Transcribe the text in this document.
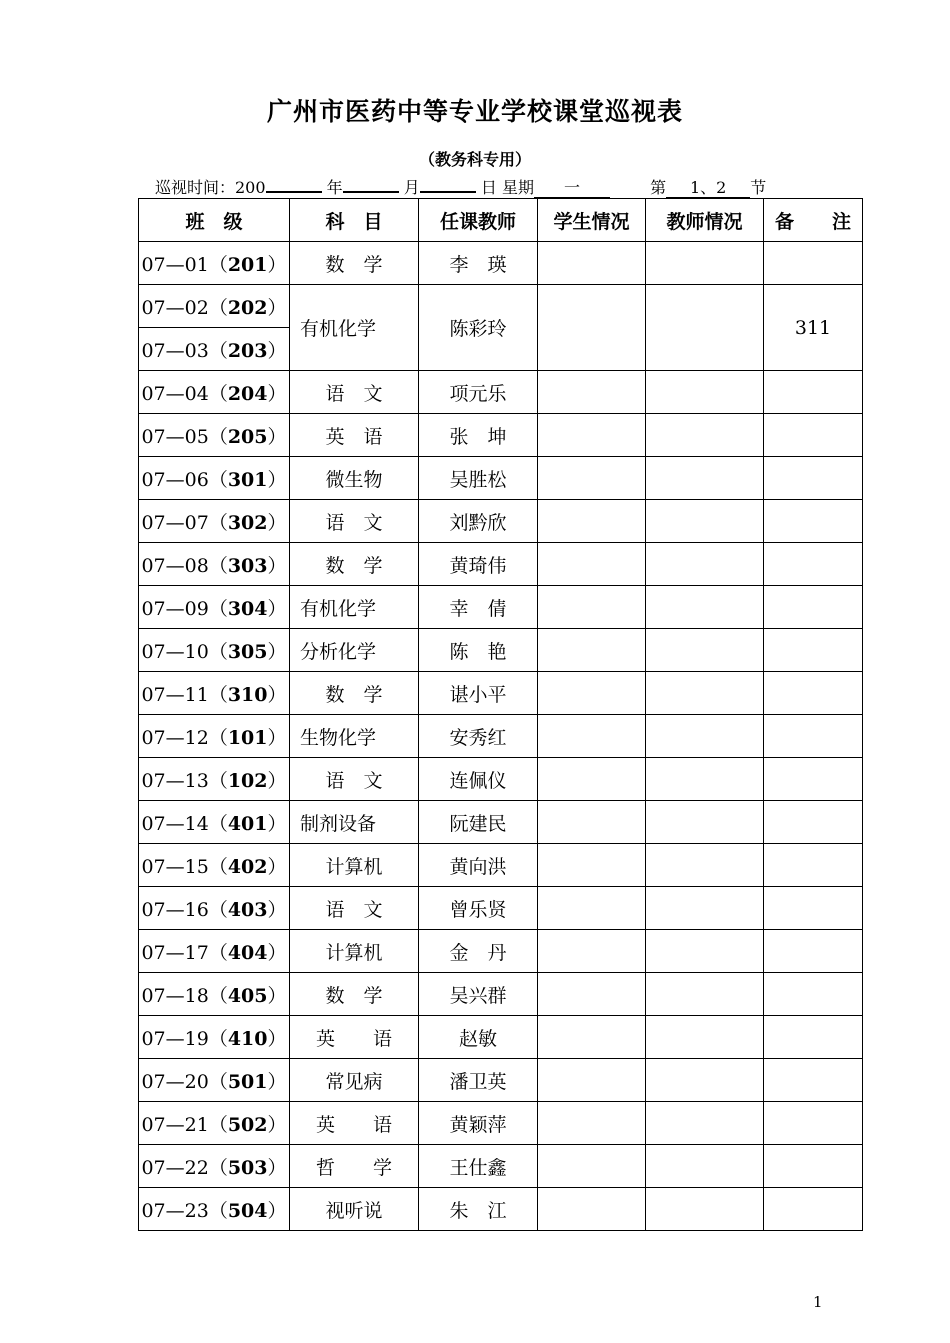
广州市医药中等专业学校课堂巡视表
（教务科专用）
巡视时间：200	年	月	日 星期 一	第 1、2 节
班　级	科　目	任课教师	学生情况	教师情况	备　　注
07—01（201）	数　学	李　瑛			
07—02（202）	有机化学	陈彩玲			311
07—03（203）					
07—04（204）	语　文	项元乐			
07—05（205）	英　语	张　坤			
07—06（301）	微生物	吴胜松			
07—07（302）	语　文	刘黔欣			
07—08（303）	数　学	黄琦伟			
07—09（304）	有机化学	幸　倩			
07—10（305）	分析化学	陈　艳			
07—11（310）	数　学	谌小平			
07—12（101）	生物化学	安秀红			
07—13（102）	语　文	连佩仪			
07—14（401）	制剂设备	阮建民			
07—15（402）	计算机	黄向洪			
07—16（403）	语　文	曾乐贤			
07—17（404）	计算机	金　丹			
07—18（405）	数　学	吴兴群			
07—19（410）	英　　语	赵敏			
07—20（501）	常见病	潘卫英			
07—21（502）	英　　语	黄颖萍			
07—22（503）	哲　　学	王仕鑫			
07—23（504）	视听说	朱　江			
1
